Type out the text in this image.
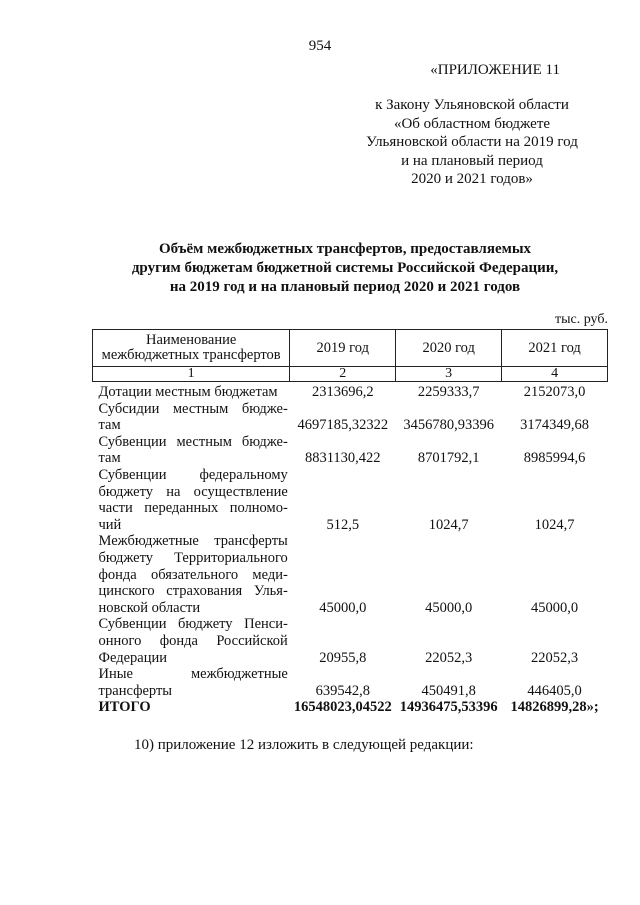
954
«ПРИЛОЖЕНИЕ 11
к Закону Ульяновской области
«Об областном бюджете
Ульяновской области на 2019 год
и на плановый период
2020 и 2021 годов»
Объём межбюджетных трансфертов, предоставляемых
другим бюджетам бюджетной системы Российской Федерации,
на 2019 год и на плановый период 2020 и 2021 годов
тыс. руб.
Наименование
межбюджетных трансфертов	2019 год	2020 год	2021 год
1	2	3	4

Дотации местным бюджетам	2313696,2	2259333,7	2152073,0

Субсидии местным бюдже-
там	4697185,32322	3456780,93396	3174349,68

Субвенции местным бюдже-
там	8831130,422	8701792,1	8985994,6

Субвенции федеральному
бюджету на осуществление
части переданных полномо-
чий	512,5	1024,7	1024,7

Межбюджетные трансферты
бюджету Территориального
фонда обязательного меди-
цинского страхования Улья-
новской области	45000,0	45000,0	45000,0

Субвенции бюджету Пенси-
онного фонда Российской
Федерации	20955,8	22052,3	22052,3

Иные межбюджетные
трансферты	639542,8	450491,8	446405,0
ИТОГО	16548023,04522	14936475,53396	14826899,28»;
10) приложение 12 изложить в следующей редакции:
